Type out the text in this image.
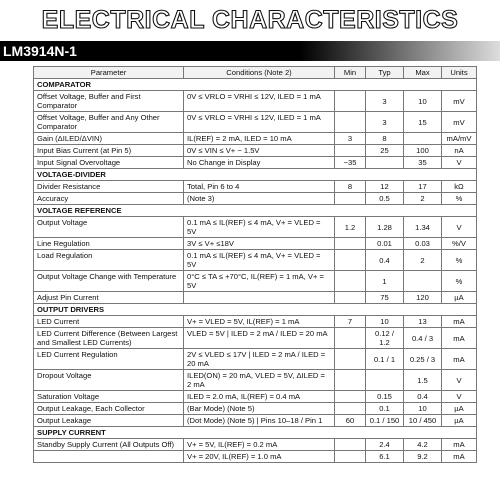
ELECTRICAL CHARACTERISTICS
LM3914N-1
Parameter	Conditions (Note 2)	Min	Typ	Max	Units
COMPARATOR					
Offset Voltage, Buffer and First Comparator	0V ≤ VRLO = VRHI ≤ 12V, ILED = 1 mA		3	10	mV
Offset Voltage, Buffer and Any Other Comparator	0V ≤ VRLO = VRHI ≤ 12V, ILED = 1 mA		3	15	mV
Gain (ΔILED/ΔVIN)	IL(REF) = 2 mA, ILED = 10 mA	3	8		mA/mV
Input Bias Current (at Pin 5)	0V ≤ VIN ≤ V+ − 1.5V		25	100	nA
Input Signal Overvoltage	No Change in Display	−35		35	V
VOLTAGE-DIVIDER					
Divider Resistance	Total, Pin 6 to 4	8	12	17	kΩ
Accuracy	(Note 3)		0.5	2	%
VOLTAGE REFERENCE					
Output Voltage	0.1 mA ≤ IL(REF) ≤ 4 mA, V+ = VLED = 5V	1.2	1.28	1.34	V
Line Regulation	3V ≤ V+ ≤18V		0.01	0.03	%/V
Load Regulation	0.1 mA ≤ IL(REF) ≤ 4 mA, V+ = VLED = 5V		0.4	2	%
Output Voltage Change with Temperature	0°C ≤ TA ≤ +70°C, IL(REF) = 1 mA, V+ = 5V		1		%
Adjust Pin Current			75	120	µA
OUTPUT DRIVERS					
LED Current	V+ = VLED = 5V, IL(REF) = 1 mA	7	10	13	mA
LED Current Difference (Between Largest and Smallest LED Currents)	VLED = 5V | ILED = 2 mA / ILED = 20 mA		0.12 / 1.2	0.4 / 3	mA
LED Current Regulation	2V ≤ VLED ≤ 17V | ILED = 2 mA / ILED = 20 mA		0.1 / 1	0.25 / 3	mA
Dropout Voltage	ILED(ON) = 20 mA, VLED = 5V, ΔILED = 2 mA			1.5	V
Saturation Voltage	ILED = 2.0 mA, IL(REF) = 0.4 mA		0.15	0.4	V
Output Leakage, Each Collector	(Bar Mode) (Note 5)		0.1	10	µA
Output Leakage	(Dot Mode) (Note 5) | Pins 10–18 / Pin 1	60	0.1 / 150	10 / 450	µA
SUPPLY CURRENT					
Standby Supply Current (All Outputs Off)	V+ = 5V, IL(REF) = 0.2 mA		2.4	4.2	mA
	V+ = 20V, IL(REF) = 1.0 mA		6.1	9.2	mA
